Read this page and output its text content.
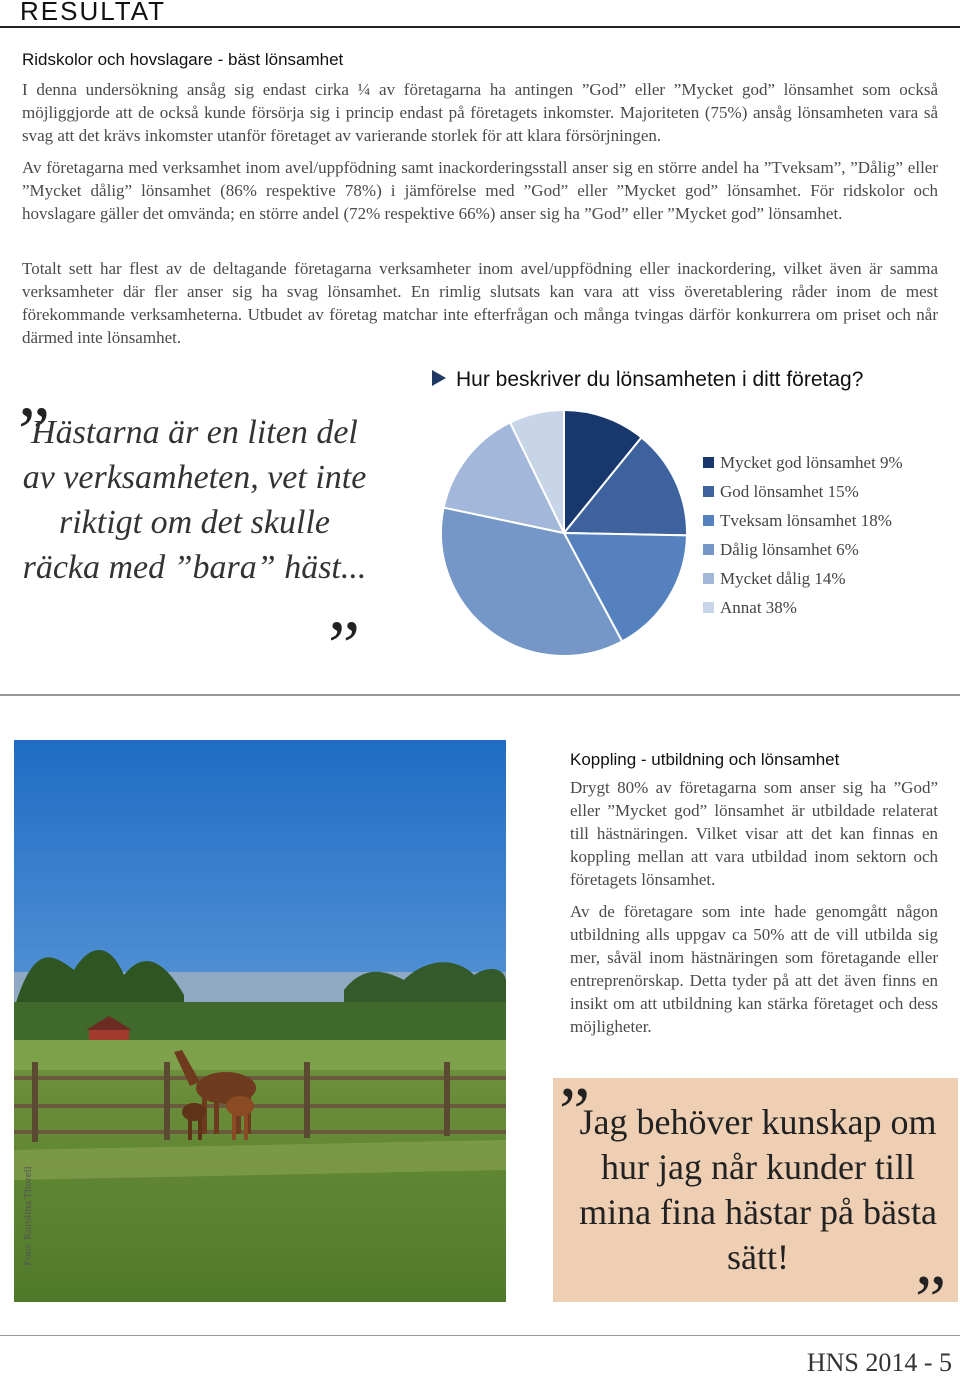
RESULTAT
Ridskolor och hovslagare - bäst lönsamhet
I denna undersökning ansåg sig endast cirka ¼ av företagarna ha antingen ”God” eller ”Mycket god” lönsamhet som också möjliggjorde att de också kunde försörja sig i princip endast på företagets inkomster. Majoriteten (75%) ansåg lönsamheten vara så svag att det krävs inkomster utanför företaget av varierande storlek för att klara försörjningen.
Av företagarna med verksamhet inom avel/uppfödning samt inackorderingsstall anser sig en större andel ha ”Tveksam”, ”Dålig” eller ”Mycket dålig” lönsamhet (86% respektive 78%) i jämförelse med ”God” eller ”Mycket god” lönsamhet. För ridskolor och hovslagare gäller det omvända; en större andel (72% respektive 66%) anser sig ha ”God” eller ”Mycket god” lönsamhet.
Totalt sett har flest av de deltagande företagarna verksamheter inom avel/uppfödning eller inackordering, vilket även är samma verksamheter där fler anser sig ha svag lönsamhet. En rimlig slutsats kan vara att viss överetablering råder inom de mest förekommande verksamheterna. Utbudet av företag matchar inte efterfrågan och många tvingas därför konkurrera om priset och når därmed inte lönsamhet.
”
Hästarna är en liten del av verksamheten, vet inte riktigt om det skulle räcka med ”bara” häst...
”
Hur beskriver du lönsamheten i ditt företag?
Mycket god lönsamhet 9%
God lönsamhet 15%
Tveksam lönsamhet 18%
Dålig lönsamhet 6%
Mycket dålig 14%
Annat 38%
Foto: Karolina Thorell
Koppling - utbildning och lönsamhet
Drygt 80% av företagarna som anser sig ha ”God” eller ”Mycket god” lönsamhet är utbildade relaterat till hästnäringen. Vilket visar att det kan finnas en koppling mellan att vara utbildad inom sektorn och företagets lönsamhet.
Av de företagare som inte hade genomgått någon utbildning alls uppgav ca 50% att de vill utbilda sig mer, såväl inom hästnäringen som företagande eller entreprenörskap. Detta tyder på att det även finns en insikt om att utbildning kan stärka företaget och dess möjligheter.
”
Jag behöver kunskap om hur jag når kunder till mina fina hästar på bästa sätt!
”
HNS 2014 - 5
